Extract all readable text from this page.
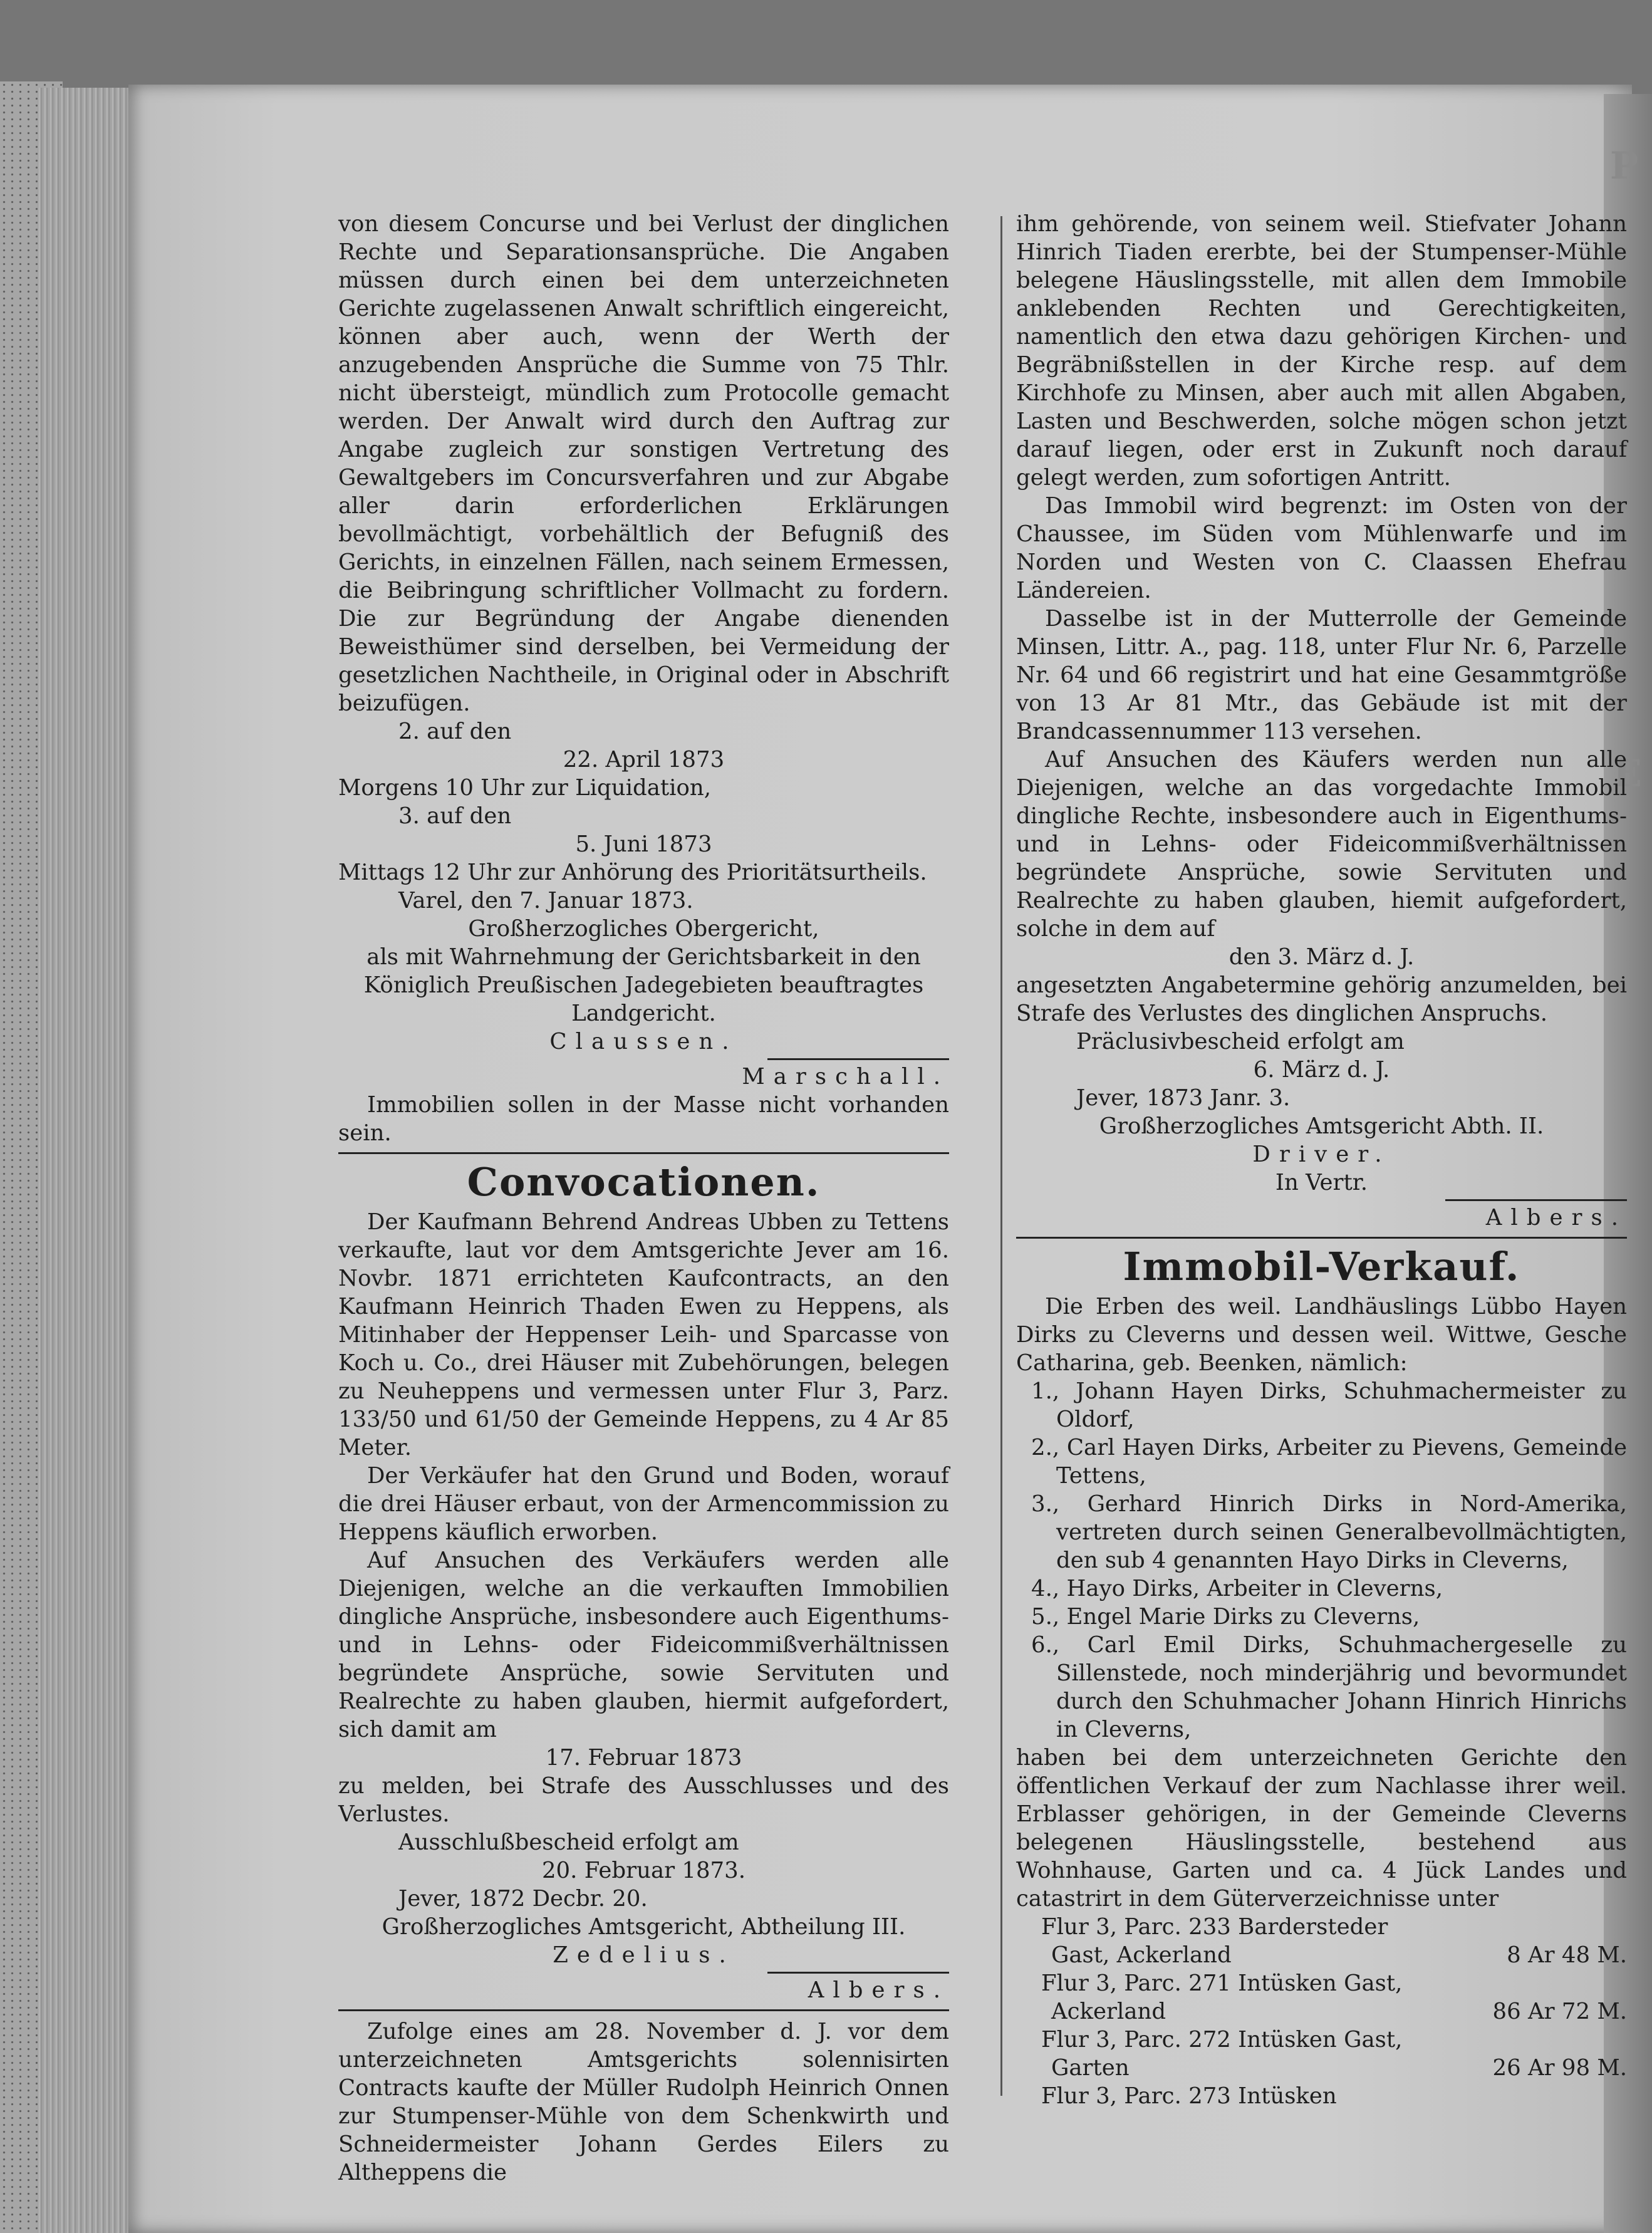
P
E

von diesem Concurse und bei Verlust der dinglichen Rechte und Separationsansprüche. Die Angaben müssen durch einen bei dem unterzeichneten Gerichte zugelassenen Anwalt schriftlich eingereicht, können aber auch, wenn der Werth der anzugebenden Ansprüche die Summe von 75 Thlr. nicht übersteigt, mündlich zum Protocolle gemacht werden. Der Anwalt wird durch den Auftrag zur Angabe zugleich zur sonstigen Vertretung des Gewaltgebers im Concursverfahren und zur Abgabe aller darin erforderlichen Erklärungen bevollmächtigt, vorbehältlich der Befugniß des Gerichts, in einzelnen Fällen, nach seinem Ermessen, die Beibringung schriftlicher Vollmacht zu fordern. Die zur Begründung der Angabe dienenden Beweisthümer sind derselben, bei Vermeidung der gesetzlichen Nachtheile, in Original oder in Abschrift beizufügen.

2. auf den
22. April 1873
Morgens 10 Uhr zur Liquidation,
3. auf den
5. Juni 1873
Mittags 12 Uhr zur Anhörung des Prioritätsurtheils.
Varel, den 7. Januar 1873.
Großherzogliches Obergericht,
als mit Wahrnehmung der Gerichtsbarkeit in den Königlich Preußischen Jadegebieten beauftragtes
Landgericht.
Claussen.
Marschall.

Immobilien sollen in der Masse nicht vorhanden sein.

Convocationen.

Der Kaufmann Behrend Andreas Ubben zu Tettens verkaufte, laut vor dem Amtsgerichte Jever am 16. Novbr. 1871 errichteten Kaufcontracts, an den Kaufmann Heinrich Thaden Ewen zu Heppens, als Mitinhaber der Heppenser Leih- und Sparcasse von Koch u. Co., drei Häuser mit Zubehörungen, belegen zu Neuheppens und vermessen unter Flur 3, Parz. 133/50 und 61/50 der Gemeinde Heppens, zu 4 Ar 85 Meter.

Der Verkäufer hat den Grund und Boden, worauf die drei Häuser erbaut, von der Armencommission zu Heppens käuflich erworben.

Auf Ansuchen des Verkäufers werden alle Diejenigen, welche an die verkauften Immobilien dingliche Ansprüche, insbesondere auch Eigenthums- und in Lehns- oder Fideicommißverhältnissen begründete Ansprüche, sowie Servituten und Realrechte zu haben glauben, hiermit aufgefordert, sich damit am

17. Februar 1873

zu melden, bei Strafe des Ausschlusses und des Verlustes.

Ausschlußbescheid erfolgt am
20. Februar 1873.
Jever, 1872 Decbr. 20.
Großherzogliches Amtsgericht, Abtheilung III.
Zedelius.
Albers.

Zufolge eines am 28. November d. J. vor dem unterzeichneten Amtsgerichts solennisirten Contracts kaufte der Müller Rudolph Heinrich Onnen zur Stumpenser-Mühle von dem Schenkwirth und Schneidermeister Johann Gerdes Eilers zu Altheppens die

ihm gehörende, von seinem weil. Stiefvater Johann Hinrich Tiaden ererbte, bei der Stumpenser-Mühle belegene Häuslingsstelle, mit allen dem Immobile anklebenden Rechten und Gerechtigkeiten, namentlich den etwa dazu gehörigen Kirchen- und Begräbnißstellen in der Kirche resp. auf dem Kirchhofe zu Minsen, aber auch mit allen Abgaben, Lasten und Beschwerden, solche mögen schon jetzt darauf liegen, oder erst in Zukunft noch darauf gelegt werden, zum sofortigen Antritt.

Das Immobil wird begrenzt: im Osten von der Chaussee, im Süden vom Mühlenwarfe und im Norden und Westen von C. Claassen Ehefrau Ländereien.

Dasselbe ist in der Mutterrolle der Gemeinde Minsen, Littr. A., pag. 118, unter Flur Nr. 6, Parzelle Nr. 64 und 66 registrirt und hat eine Gesammtgröße von 13 Ar 81 Mtr., das Gebäude ist mit der Brandcassennummer 113 versehen.

Auf Ansuchen des Käufers werden nun alle Diejenigen, welche an das vorgedachte Immobil dingliche Rechte, insbesondere auch in Eigenthums- und in Lehns- oder Fideicommißverhältnissen begründete Ansprüche, sowie Servituten und Realrechte zu haben glauben, hiemit aufgefordert, solche in dem auf

den 3. März d. J.

angesetzten Angabetermine gehörig anzumelden, bei Strafe des Verlustes des dinglichen Anspruchs.

Präclusivbescheid erfolgt am
6. März d. J.
Jever, 1873 Janr. 3.
Großherzogliches Amtsgericht Abth. II.
Driver.
In Vertr.
Albers.
Immobil-Verkauf.

Die Erben des weil. Landhäuslings Lübbo Hayen Dirks zu Cleverns und dessen weil. Wittwe, Gesche Catharina, geb. Beenken, nämlich:

1., Johann Hayen Dirks, Schuhmachermeister zu Oldorf,
2., Carl Hayen Dirks, Arbeiter zu Pievens, Gemeinde Tettens,
3., Gerhard Hinrich Dirks in Nord-Amerika, vertreten durch seinen Generalbevollmächtigten, den sub 4 genannten Hayo Dirks in Cleverns,
4., Hayo Dirks, Arbeiter in Cleverns,
5., Engel Marie Dirks zu Cleverns,
6., Carl Emil Dirks, Schuhmachergeselle zu Sillenstede, noch minderjährig und bevormundet durch den Schuhmacher Johann Hinrich Hinrichs in Cleverns,

haben bei dem unterzeichneten Gerichte den öffentlichen Verkauf der zum Nachlasse ihrer weil. Erblasser gehörigen, in der Gemeinde Cleverns belegenen Häuslingsstelle, bestehend aus Wohnhause, Garten und ca. 4 Jück Landes und catastrirt in dem Güterverzeichnisse unter

Flur 3, Parc. 233 Bardersteder
Gast, Ackerland	8 Ar 48 M.
Flur 3, Parc. 271 Intüsken Gast,
Ackerland	86 Ar 72 M.
Flur 3, Parc. 272 Intüsken Gast,
Garten	26 Ar 98 M.
Flur 3, Parc. 273 Intüsken
